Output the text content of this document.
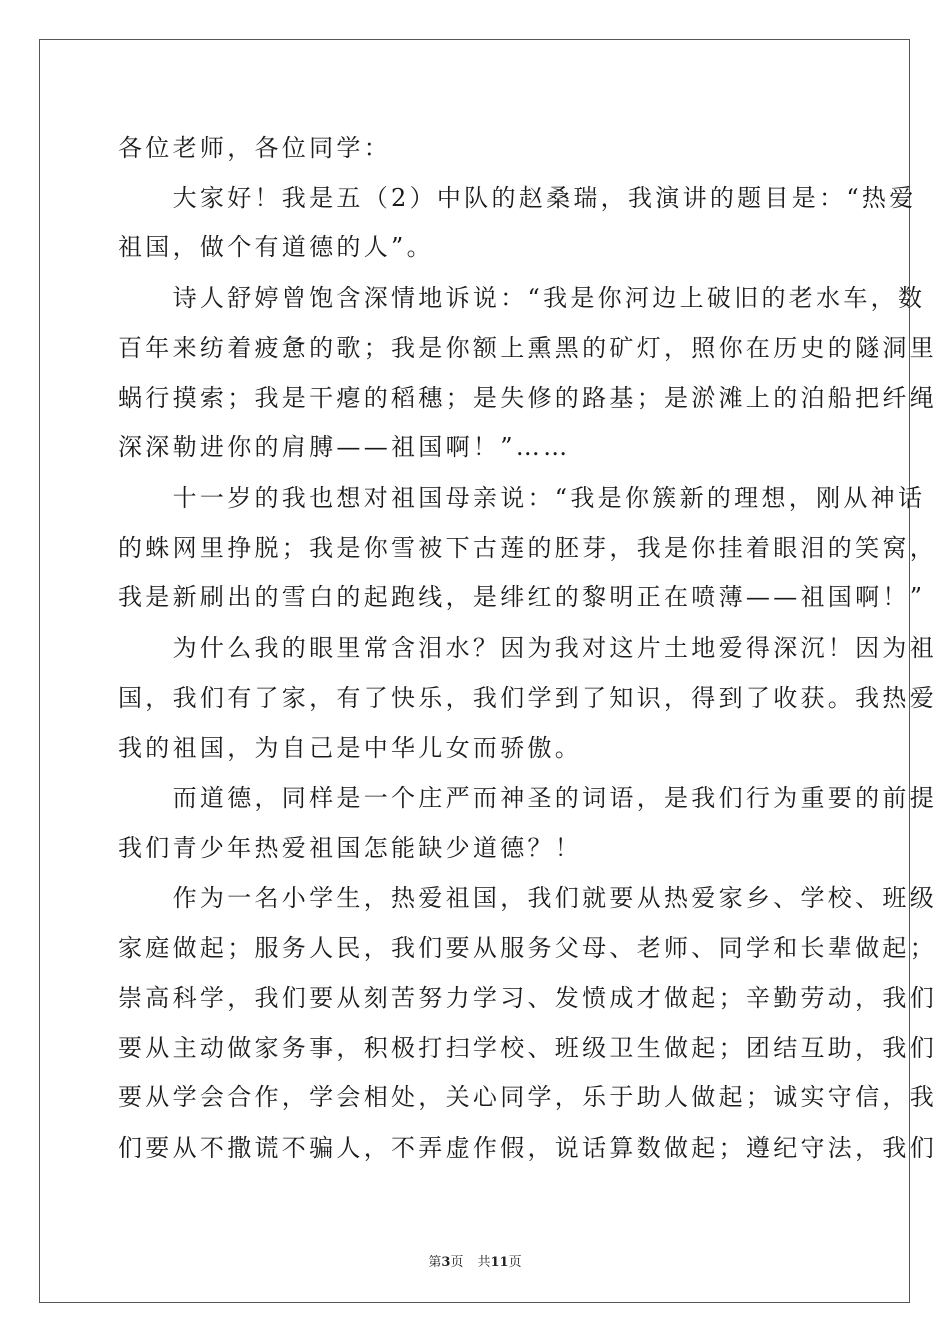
各位老师，各位同学：
　　大家好！我是五（2）中队的赵桑瑞，我演讲的题目是：“热爱
祖国，做个有道德的人”。
　　诗人舒婷曾饱含深情地诉说：“我是你河边上破旧的老水车，数
百年来纺着疲惫的歌；我是你额上熏黑的矿灯，照你在历史的隧洞里
蜗行摸索；我是干瘪的稻穗；是失修的路基；是淤滩上的泊船把纤绳
深深勒进你的肩膊——祖国啊！”……
　　十一岁的我也想对祖国母亲说：“我是你簇新的理想，刚从神话
的蛛网里挣脱；我是你雪被下古莲的胚芽，我是你挂着眼泪的笑窝，
我是新刷出的雪白的起跑线，是绯红的黎明正在喷薄——祖国啊！”
　　为什么我的眼里常含泪水？因为我对这片土地爱得深沉！因为祖
国，我们有了家，有了快乐，我们学到了知识，得到了收获。我热爱
我的祖国，为自己是中华儿女而骄傲。
　　而道德，同样是一个庄严而神圣的词语，是我们行为重要的前提
我们青少年热爱祖国怎能缺少道德？！
　　作为一名小学生，热爱祖国，我们就要从热爱家乡、学校、班级
家庭做起；服务人民，我们要从服务父母、老师、同学和长辈做起；
崇高科学，我们要从刻苦努力学习、发愤成才做起；辛勤劳动，我们
要从主动做家务事，积极打扫学校、班级卫生做起；团结互助，我们
要从学会合作，学会相处，关心同学，乐于助人做起；诚实守信，我
们要从不撒谎不骗人，不弄虚作假，说话算数做起；遵纪守法，我们
第3页 共11页
